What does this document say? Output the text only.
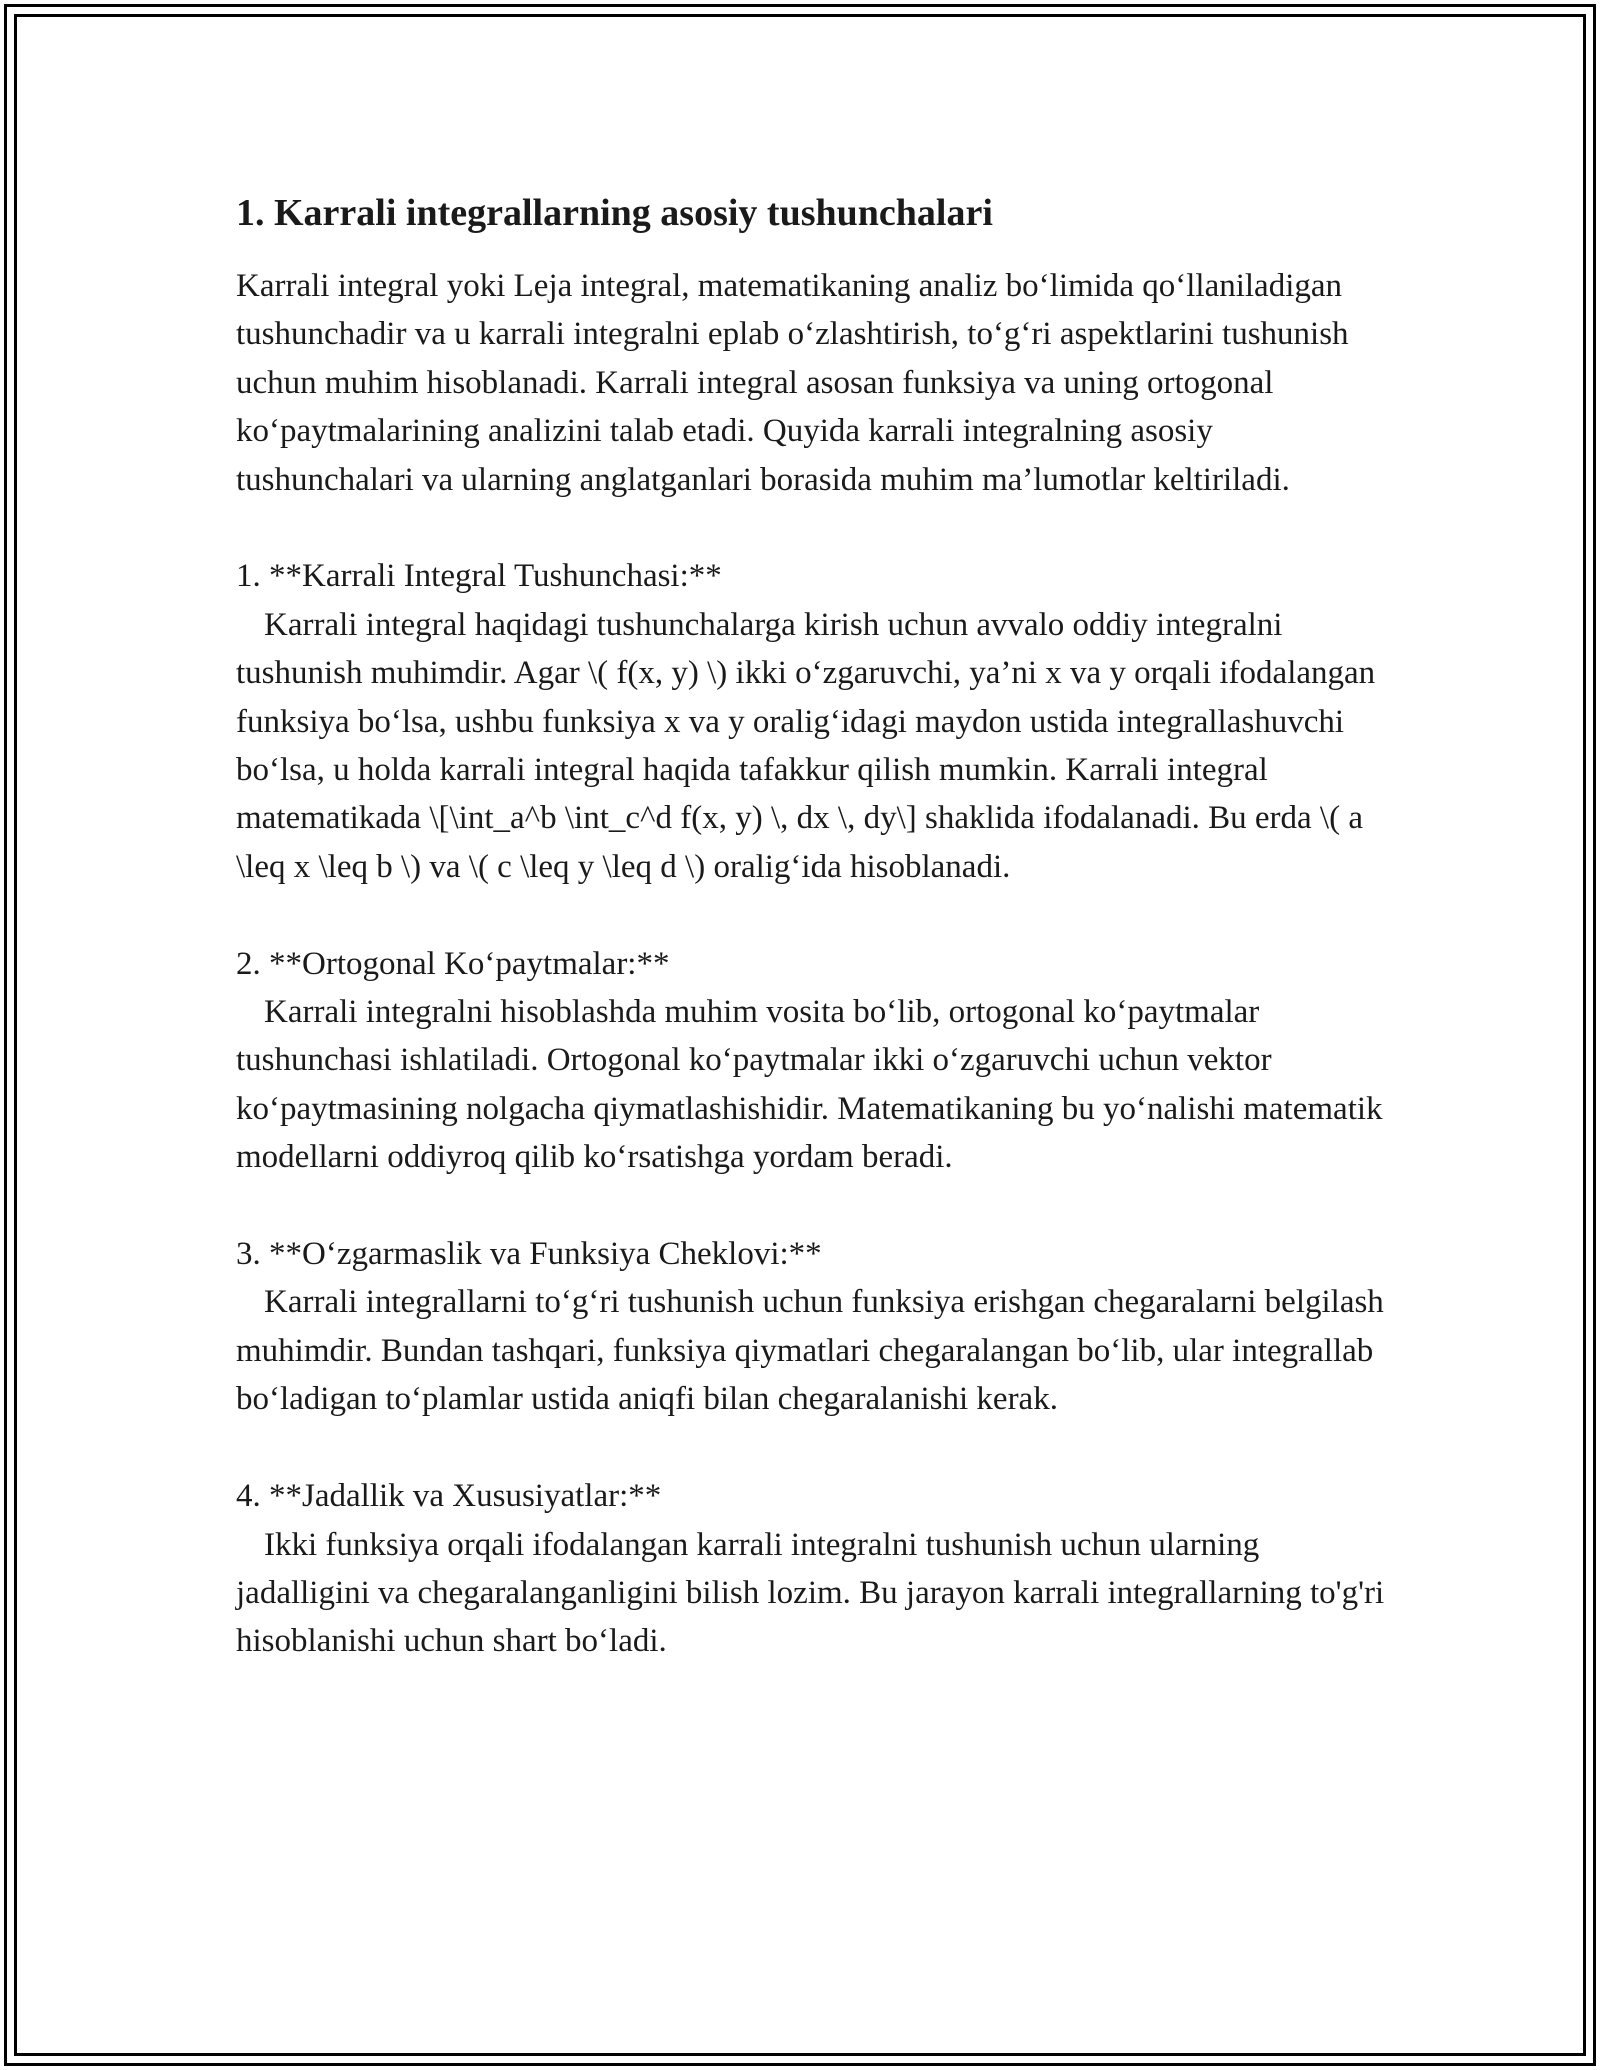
1. Karrali integrallarning asosiy tushunchalari

Karrali integral yoki Leja integral, matematikaning analiz bo‘limida qo‘llaniladigan tushunchadir va u karrali integralni eplab o‘zlashtirish, to‘g‘ri aspektlarini tushunish uchun muhim hisoblanadi. Karrali integral asosan funksiya va uning ortogonal ko‘paytmalarining analizini talab etadi. Quyida karrali integralning asosiy tushunchalari va ularning anglatganlari borasida muhim ma’lumotlar keltiriladi.

1. **Karrali Integral Tushunchasi:**
Karrali integral haqidagi tushunchalarga kirish uchun avvalo oddiy integralni tushunish muhimdir. Agar \( f(x, y) \) ikki o‘zgaruvchi, ya’ni x va y orqali ifodalangan funksiya bo‘lsa, ushbu funksiya x va y oralig‘idagi maydon ustida integrallashuvchi bo‘lsa, u holda karrali integral haqida tafakkur qilish mumkin. Karrali integral matematikada \[\int_a^b \int_c^d f(x, y) \, dx \, dy\] shaklida ifodalanadi. Bu erda \( a \leq x \leq b \) va \( c \leq y \leq d \) oralig‘ida hisoblanadi.

2. **Ortogonal Ko‘paytmalar:**
Karrali integralni hisoblashda muhim vosita bo‘lib, ortogonal ko‘paytmalar tushunchasi ishlatiladi. Ortogonal ko‘paytmalar ikki o‘zgaruvchi uchun vektor ko‘paytmasining nolgacha qiymatlashishidir. Matematikaning bu yo‘nalishi matematik modellarni oddiyroq qilib ko‘rsatishga yordam beradi.

3. **O‘zgarmaslik va Funksiya Cheklovi:**
Karrali integrallarni to‘g‘ri tushunish uchun funksiya erishgan chegaralarni belgilash muhimdir. Bundan tashqari, funksiya qiymatlari chegaralangan bo‘lib, ular integrallab bo‘ladigan to‘plamlar ustida aniqfi bilan chegaralanishi kerak.

4. **Jadallik va Xususiyatlar:**
Ikki funksiya orqali ifodalangan karrali integralni tushunish uchun ularning jadalligini va chegaralanganligini bilish lozim. Bu jarayon karrali integrallarning to'g'ri hisoblanishi uchun shart bo‘ladi.
